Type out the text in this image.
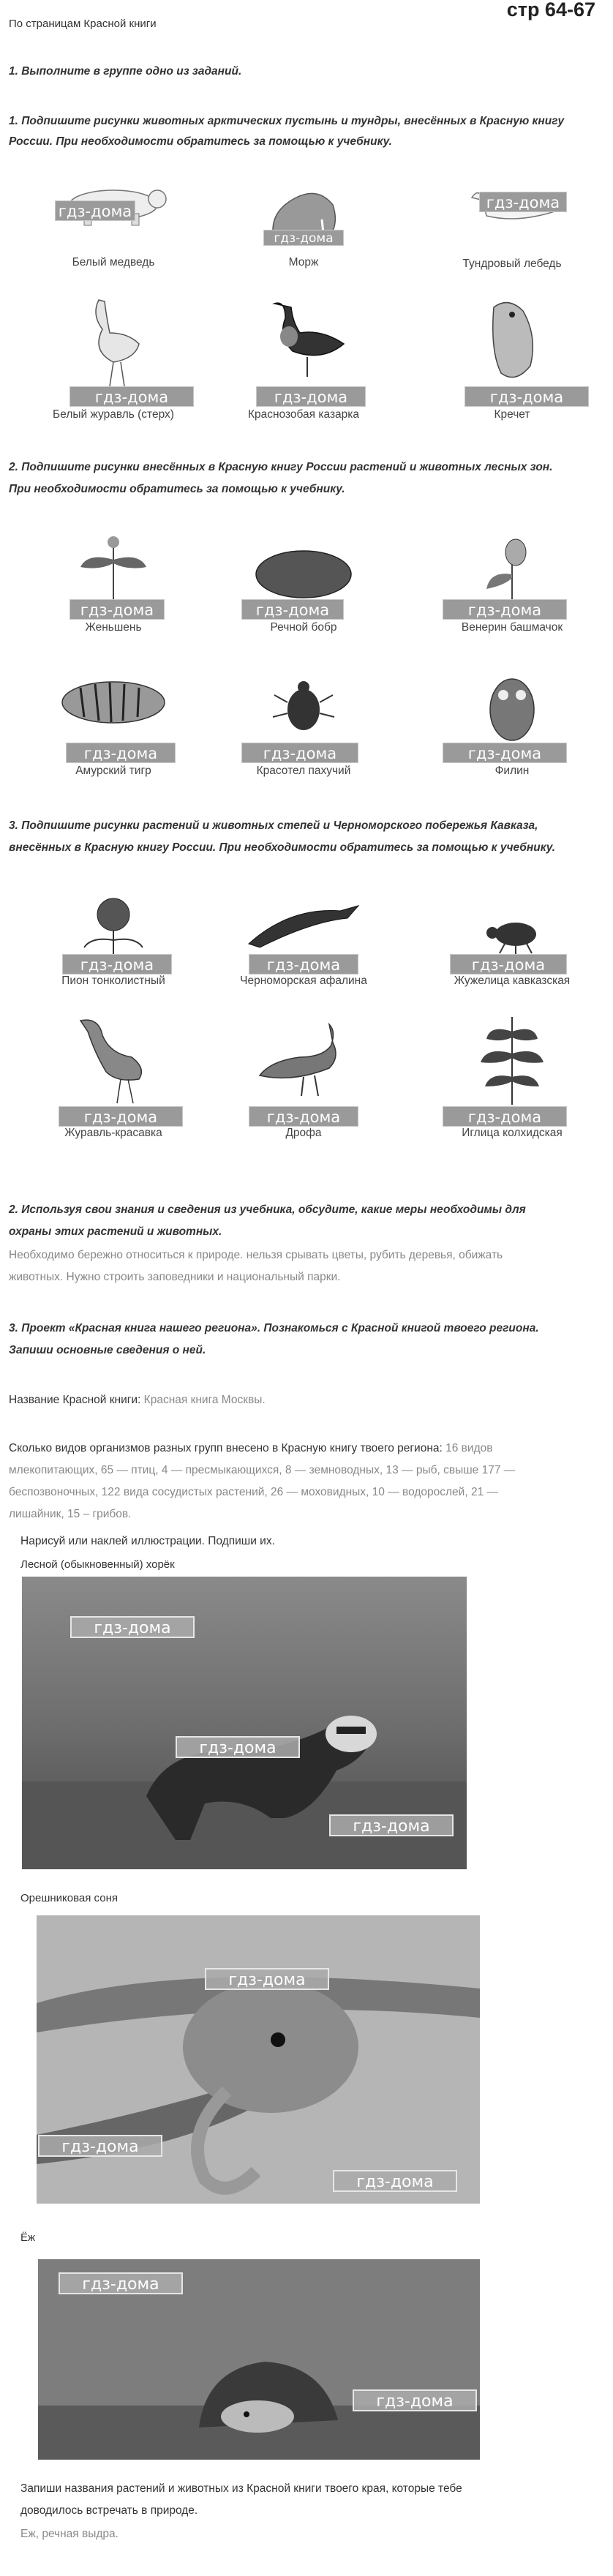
По страницам Красной книги
стр 64-67
1. Выполните в группе одно из заданий.
1. Подпишите рисунки животных арктических пустынь и тундры, внесённых в Красную книгу
России. При необходимости обратитесь за помощью к учебнику.
гдз-дома
Белый медведь
гдз-дома
Морж
гдз-дома
Тундровый лебедь
гдз-дома
Белый журавль (стерх)
гдз-дома
Краснозобая казарка
гдз-дома
Кречет
2. Подпишите рисунки внесённых в Красную книгу России растений и животных лесных зон.
При необходимости обратитесь за помощью к учебнику.
гдз-дома
Женьшень
гдз-дома
Речной бобр
гдз-дома
Венерин башмачок
гдз-дома
Амурский тигр
гдз-дома
Красотел пахучий
гдз-дома
Филин
3. Подпишите рисунки растений и животных степей и Черноморского побережья Кавказа,
внесённых в Красную книгу России. При необходимости обратитесь за помощью к учебнику.
гдз-дома
Пион тонколистный
гдз-дома
Черноморская афалина
гдз-дома
Жужелица кавказская
гдз-дома
Журавль-красавка
гдз-дома
Дрофа
гдз-дома
Иглица колхидская
2. Используя свои знания и сведения из учебника, обсудите, какие меры необходимы для
охраны этих растений и животных.
Необходимо бережно относиться к природе. нельзя срывать цветы, рубить деревья, обижать
животных. Нужно строить заповедники и национальный парки.
3. Проект «Красная книга нашего региона». Познакомься с Красной книгой твоего региона.
Запиши основные сведения о ней.
Название Красной книги: Красная книга Москвы.
Сколько видов организмов разных групп внесено в Красную книгу твоего региона: 16 видов
млекопитающих, 65 — птиц, 4 — пресмыкающихся, 8 — земноводных, 13 — рыб, свыше 177 —
беспозвоночных, 122 вида сосудистых растений, 26 — моховидных, 10 — водорослей, 21 —
лишайник, 15 – грибов.
Нарисуй или наклей иллюстрации. Подпиши их.
Лесной (обыкновенный) хорёк
гдз-дома
гдз-дома
гдз-дома
Орешниковая соня
гдз-дома
гдз-дома
гдз-дома
Ёж
гдз-дома
гдз-дома
Запиши названия растений и животных из Красной книги твоего края, которые тебе
доводилось встречать в природе.
Еж, речная выдра.
